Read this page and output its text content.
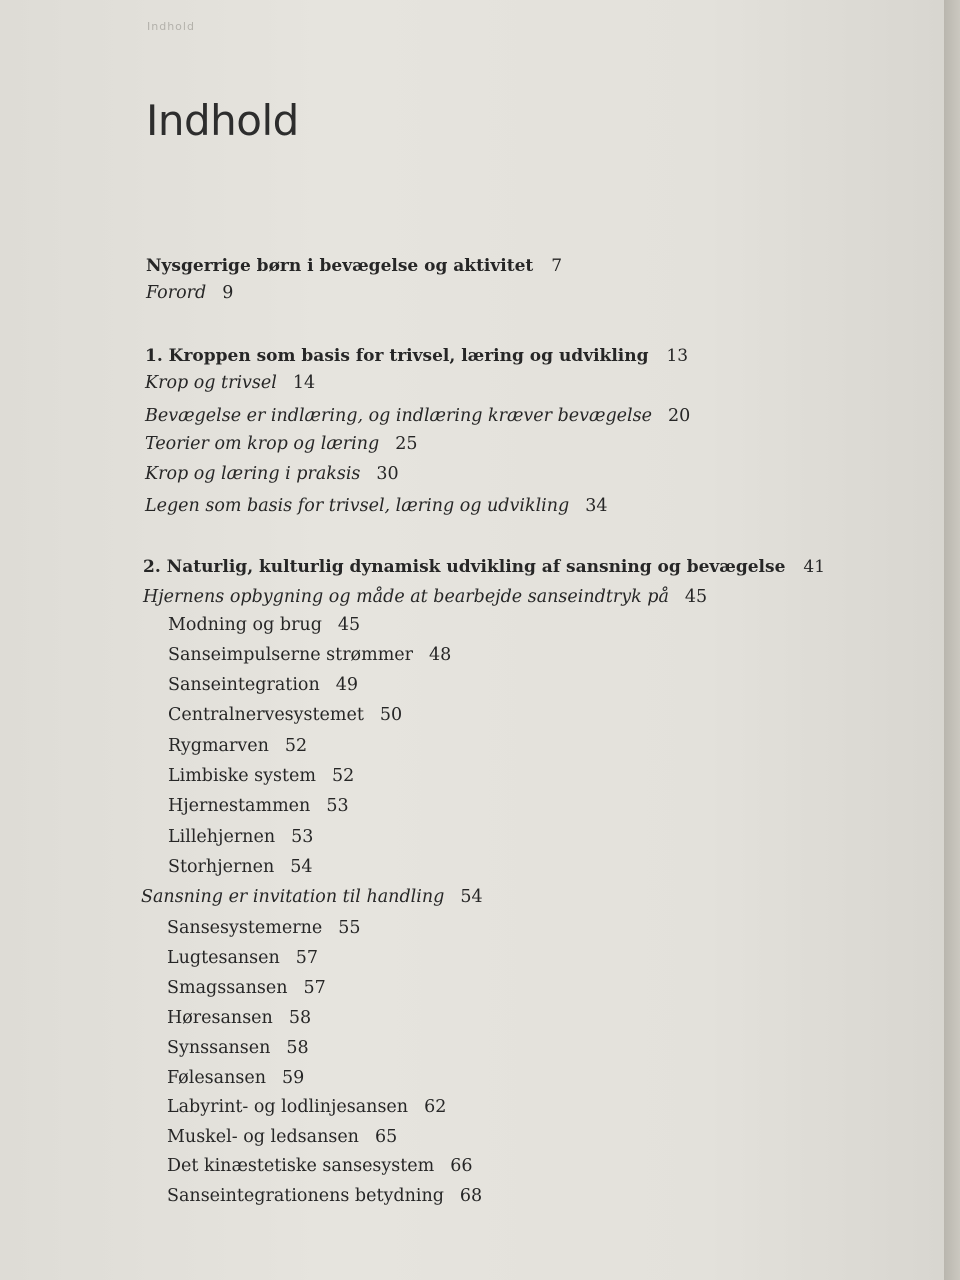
Indhold
Indhold
Nysgerrige børn i bevægelse og aktivitet 7
Forord 9
1. Kroppen som basis for trivsel, læring og udvikling 13
Krop og trivsel 14
Bevægelse er indlæring, og indlæring kræver bevægelse 20
Teorier om krop og læring 25
Krop og læring i praksis 30
Legen som basis for trivsel, læring og udvikling 34
2. Naturlig, kulturlig dynamisk udvikling af sansning og bevægelse 41
Hjernens opbygning og måde at bearbejde sanseindtryk på 45
Modning og brug 45
Sanseimpulserne strømmer 48
Sanseintegration 49
Centralnervesystemet 50
Rygmarven 52
Limbiske system 52
Hjernestammen 53
Lillehjernen 53
Storhjernen 54
Sansning er invitation til handling 54
Sansesystemerne 55
Lugtesansen 57
Smagssansen 57
Høresansen 58
Synssansen 58
Følesansen 59
Labyrint- og lodlinjesansen 62
Muskel- og ledsansen 65
Det kinæstetiske sansesystem 66
Sanseintegrationens betydning 68
